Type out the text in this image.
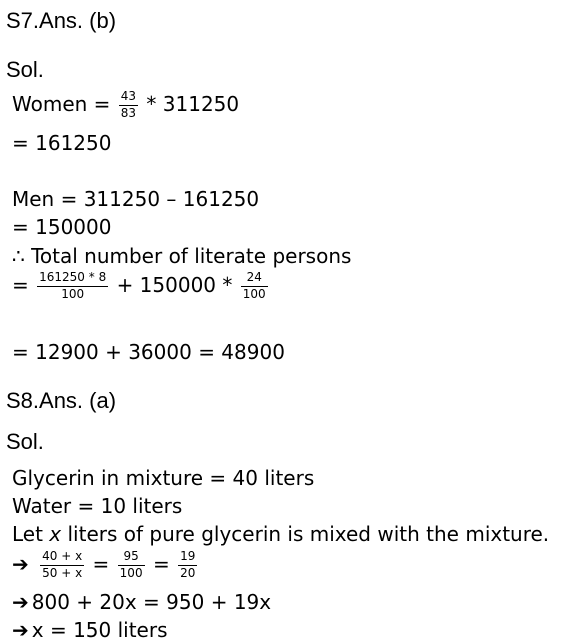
S7.Ans. (b)
Sol.
Women = $\frac{43}{83} * 311250$
= 161250
Men = 311250 – 161250
= 150000
∴ Total number of literate persons
= $\frac{161250 * 8}{100} + 150000 * \frac{24}{100}$
= 12900 + 36000 = 48900
S8.Ans. (a)
Sol.
Glycerin in mixture = 40 liters
Water = 10 liters
Let x liters of pure glycerin is mixed with the mixture.
➔ $\frac{40 + x}{50 + x} = \frac{95}{100} = \frac{19}{20}$
➔ 800 + 20x = 950 + 19x
➔ x = 150 liters
